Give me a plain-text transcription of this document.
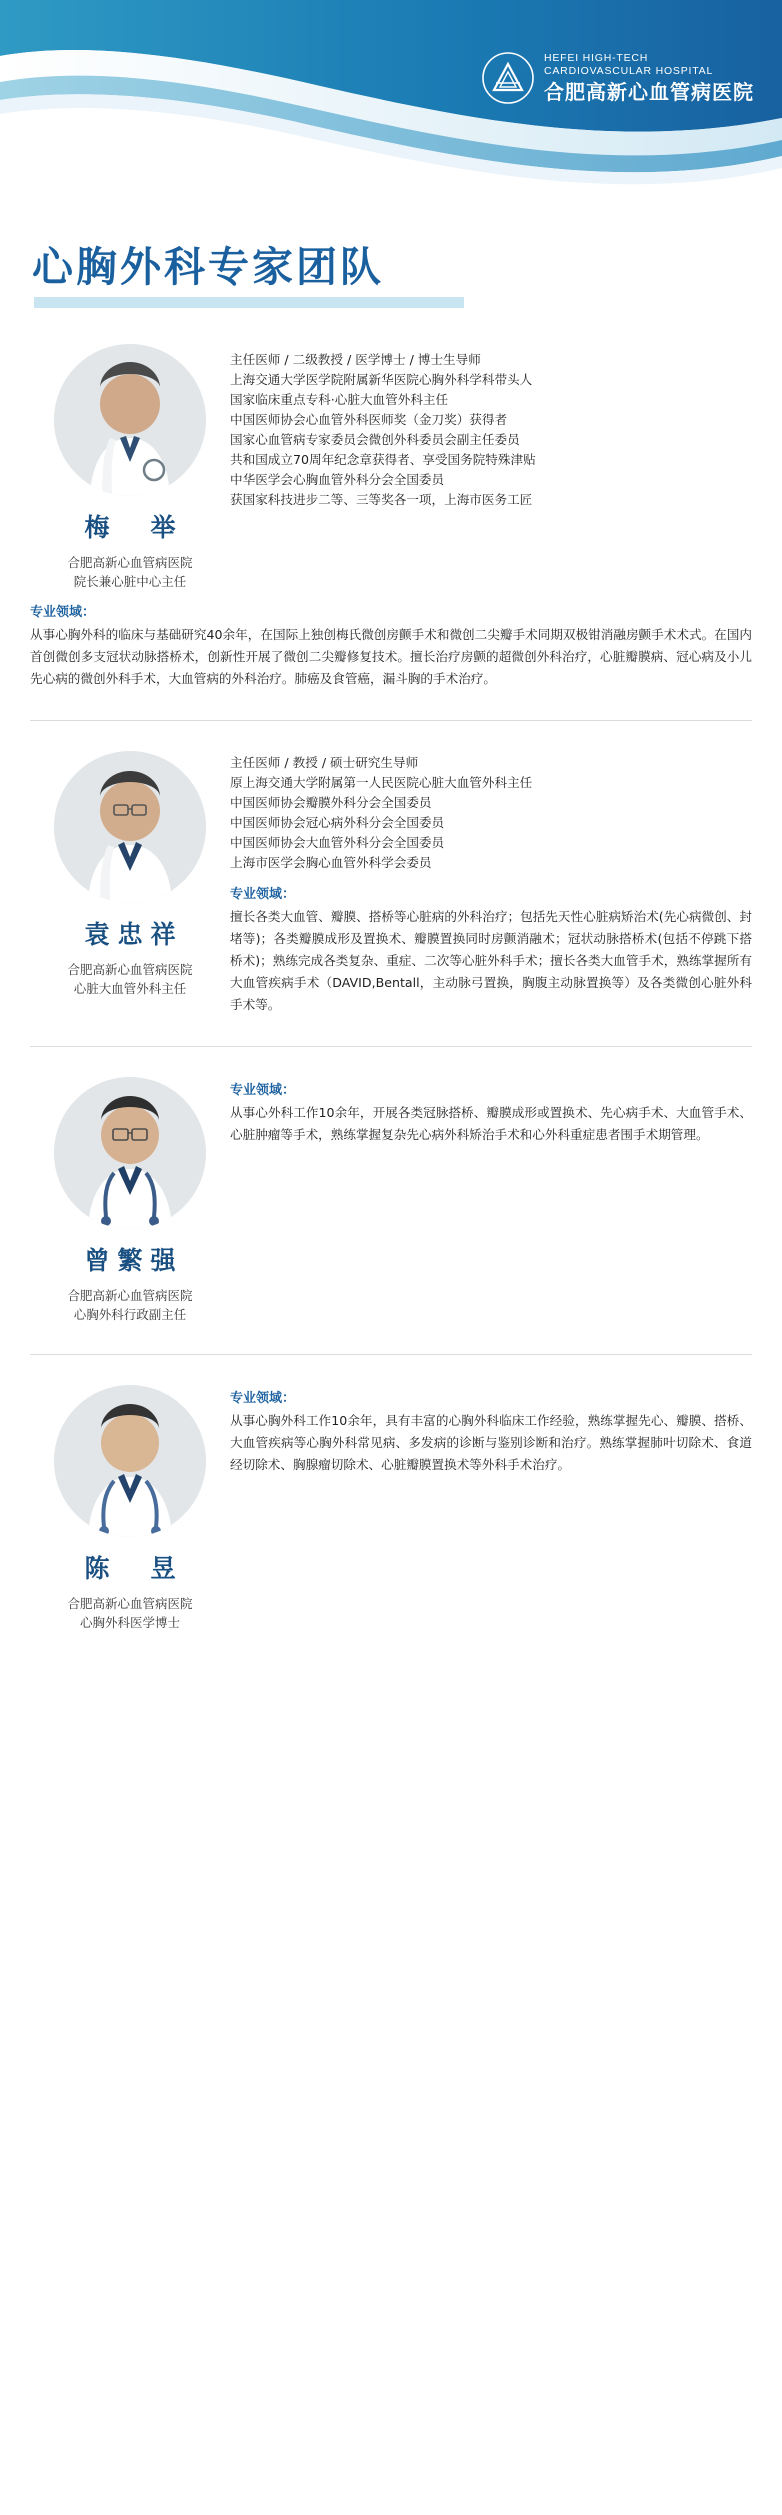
HEFEI HIGH-TECH
CARDIOVASCULAR HOSPITAL
合肥高新心血管病医院
心胸外科专家团队
梅　举
合肥高新心血管病医院
院长兼心脏中心主任
主任医师 / 二级教授 / 医学博士 / 博士生导师
上海交通大学医学院附属新华医院心胸外科学科带头人
国家临床重点专科·心脏大血管外科主任
中国医师协会心血管外科医师奖（金刀奖）获得者
国家心血管病专家委员会微创外科委员会副主任委员
共和国成立70周年纪念章获得者、享受国务院特殊津贴
中华医学会心胸血管外科分会全国委员
获国家科技进步二等、三等奖各一项，上海市医务工匠
专业领域：
从事心胸外科的临床与基础研究40余年，在国际上独创梅氏微创房颤手术和微创二尖瓣手术同期双极钳消融房颤手术术式。在国内首创微创多支冠状动脉搭桥术，创新性开展了微创二尖瓣修复技术。擅长治疗房颤的超微创外科治疗，心脏瓣膜病、冠心病及小儿先心病的微创外科手术，大血管病的外科治疗。肺癌及食管癌，漏斗胸的手术治疗。
袁忠祥
合肥高新心血管病医院
心脏大血管外科主任
主任医师 / 教授 / 硕士研究生导师
原上海交通大学附属第一人民医院心脏大血管外科主任
中国医师协会瓣膜外科分会全国委员
中国医师协会冠心病外科分会全国委员
中国医师协会大血管外科分会全国委员
上海市医学会胸心血管外科学会委员
专业领域：
擅长各类大血管、瓣膜、搭桥等心脏病的外科治疗；包括先天性心脏病矫治术(先心病微创、封堵等)；各类瓣膜成形及置换术、瓣膜置换同时房颤消融术；冠状动脉搭桥术(包括不停跳下搭桥术)；熟练完成各类复杂、重症、二次等心脏外科手术；擅长各类大血管手术，熟练掌握所有大血管疾病手术（DAVID,Bentall，主动脉弓置换，胸腹主动脉置换等）及各类微创心脏外科手术等。
曾繁强
合肥高新心血管病医院
心胸外科行政副主任
专业领域：
从事心外科工作10余年，开展各类冠脉搭桥、瓣膜成形或置换术、先心病手术、大血管手术、心脏肿瘤等手术，熟练掌握复杂先心病外科矫治手术和心外科重症患者围手术期管理。
陈　昱
合肥高新心血管病医院
心胸外科医学博士
专业领域：
从事心胸外科工作10余年，具有丰富的心胸外科临床工作经验，熟练掌握先心、瓣膜、搭桥、大血管疾病等心胸外科常见病、多发病的诊断与鉴别诊断和治疗。熟练掌握肺叶切除术、食道经切除术、胸腺瘤切除术、心脏瓣膜置换术等外科手术治疗。
